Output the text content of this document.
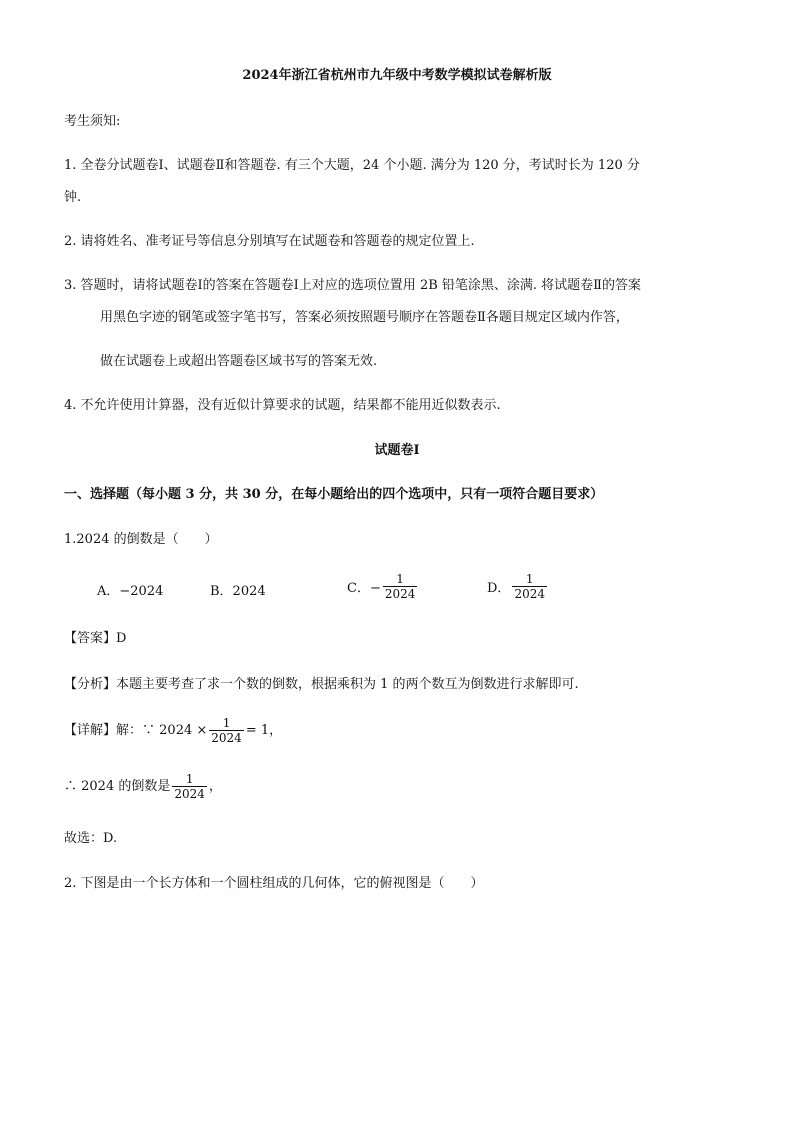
2024年浙江省杭州市九年级中考数学模拟试卷解析版
考生须知:
1. 全卷分试题卷Ⅰ、试题卷Ⅱ和答题卷. 有三个大题，24 个小题. 满分为 120 分，考试时长为 120 分
钟.
2. 请将姓名、准考证号等信息分别填写在试题卷和答题卷的规定位置上.
3. 答题时，请将试题卷Ⅰ的答案在答题卷Ⅰ上对应的选项位置用 2B 铅笔涂黑、涂满. 将试题卷Ⅱ的答案
用黑色字迹的钢笔或签字笔书写，答案必须按照题号顺序在答题卷Ⅱ各题目规定区域内作答，
做在试题卷上或超出答题卷区域书写的答案无效.
4. 不允许使用计算器，没有近似计算要求的试题，结果都不能用近似数表示.
试题卷Ⅰ
一、选择题（每小题 3 分，共 30 分，在每小题给出的四个选项中，只有一项符合题目要求）
1.2024 的倒数是（　　）
A．−2024	B．2024	C．− $\frac{1}{2024}$	D． $\frac{1}{2024}$
【答案】D
【分析】本题主要考查了求一个数的倒数，根据乘积为 1 的两个数互为倒数进行求解即可.
【详解】 解：∵ $2024 \times \frac{1}{2024} = 1$，
∴ 2024 的倒数是 $\frac{1}{2024}$ ，
故选：D.
2. 下图是由一个长方体和一个圆柱组成的几何体，它的俯视图是（　　）
